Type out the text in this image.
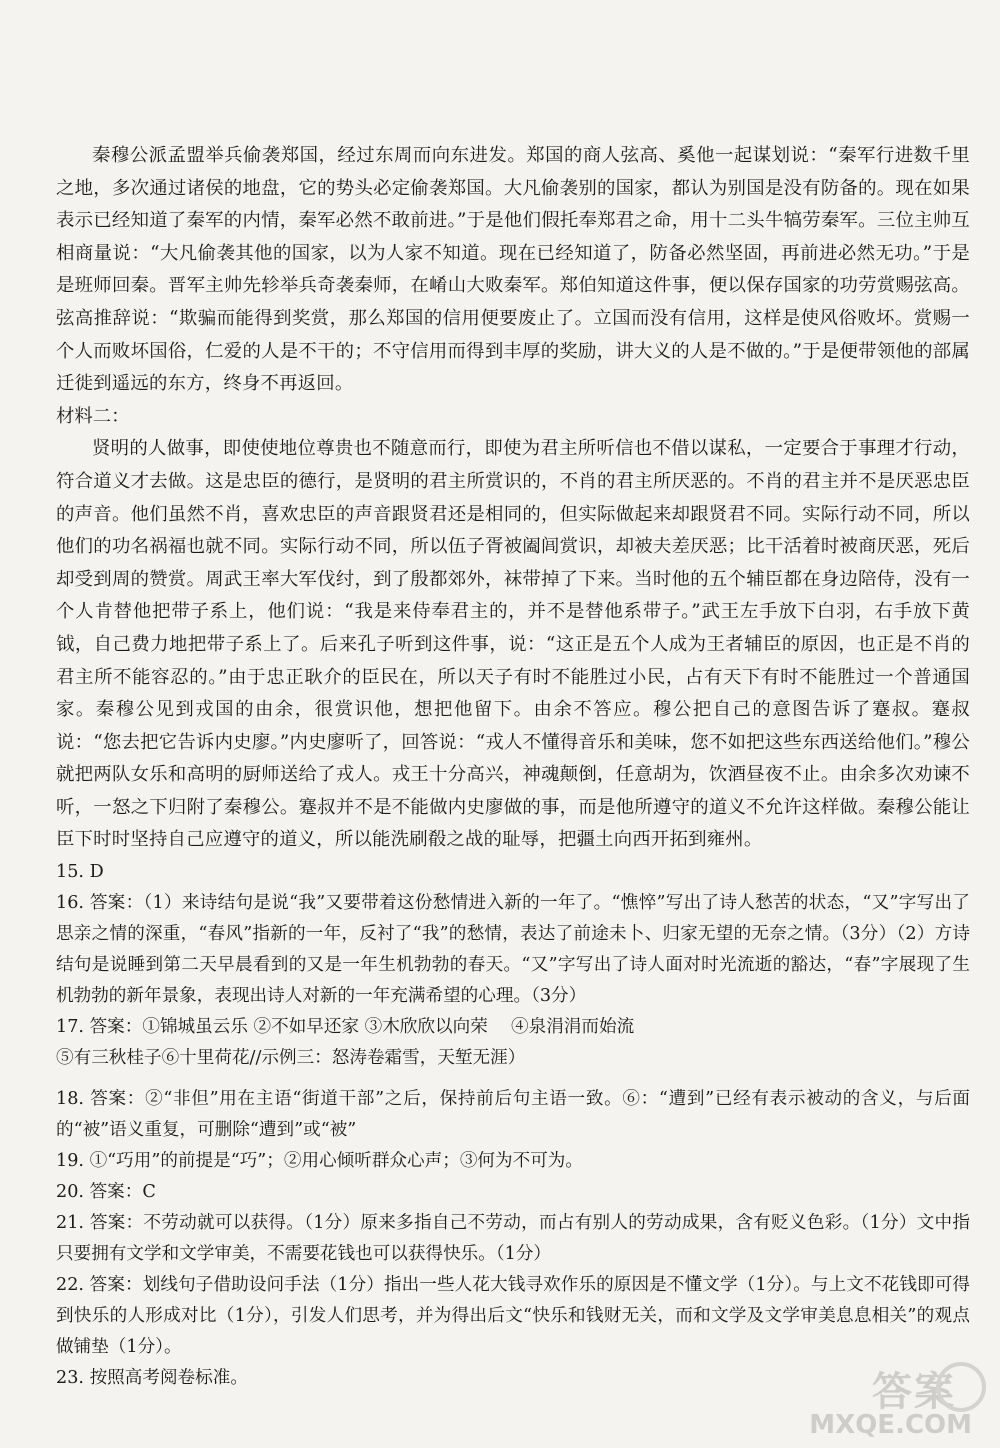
秦穆公派孟盟举兵偷袭郑国，经过东周而向东进发。郑国的商人弦高、奚他一起谋划说：“秦军行进数千里之地，多次通过诸侯的地盘，它的势头必定偷袭郑国。大凡偷袭别的国家，都认为别国是没有防备的。现在如果表示已经知道了秦军的内情，秦军必然不敢前进。”于是他们假托奉郑君之命，用十二头牛犒劳秦军。三位主帅互相商量说：“大凡偷袭其他的国家，以为人家不知道。现在已经知道了，防备必然坚固，再前进必然无功。”于是是班师回秦。晋军主帅先轸举兵奇袭秦师，在崤山大败秦军。郑伯知道这件事，便以保存国家的功劳赏赐弦高。弦高推辞说：“欺骗而能得到奖赏，那么郑国的信用便要废止了。立国而没有信用，这样是使风俗败坏。赏赐一个人而败坏国俗，仁爱的人是不干的；不守信用而得到丰厚的奖励，讲大义的人是不做的。”于是便带领他的部属迁徙到遥远的东方，终身不再返回。

材料二：

贤明的人做事，即使使地位尊贵也不随意而行，即使为君主所听信也不借以谋私，一定要合于事理才行动，符合道义才去做。这是忠臣的德行，是贤明的君主所赏识的，不肖的君主所厌恶的。不肖的君主并不是厌恶忠臣的声音。他们虽然不肖，喜欢忠臣的声音跟贤君还是相同的，但实际做起来却跟贤君不同。实际行动不同，所以他们的功名祸福也就不同。实际行动不同，所以伍子胥被阖闾赏识，却被夫差厌恶；比干活着时被商厌恶，死后却受到周的赞赏。周武王率大军伐纣，到了殷都郊外，袜带掉了下来。当时他的五个辅臣都在身边陪侍，没有一个人肯替他把带子系上，他们说：“我是来侍奉君主的，并不是替他系带子。”武王左手放下白羽，右手放下黄钺，自己费力地把带子系上了。后来孔子听到这件事，说：“这正是五个人成为王者辅臣的原因，也正是不肖的君主所不能容忍的。”由于忠正耿介的臣民在，所以天子有时不能胜过小民，占有天下有时不能胜过一个普通国家。秦穆公见到戎国的由余，很赏识他，想把他留下。由余不答应。穆公把自己的意图告诉了蹇叔。蹇叔说：“您去把它告诉内史廖。”内史廖听了，回答说：“戎人不懂得音乐和美味，您不如把这些东西送给他们。”穆公就把两队女乐和高明的厨师送给了戎人。戎王十分高兴，神魂颠倒，任意胡为，饮酒昼夜不止。由余多次劝谏不听，一怒之下归附了秦穆公。蹇叔并不是不能做内史廖做的事，而是他所遵守的道义不允许这样做。秦穆公能让臣下时时坚持自己应遵守的道义，所以能洗刷殽之战的耻辱，把疆土向西开拓到雍州。

15. D

16. 答案：（1）来诗结句是说“我”又要带着这份愁情进入新的一年了。“憔悴”写出了诗人愁苦的状态，“又”字写出了思亲之情的深重，“春风”指新的一年，反衬了“我”的愁情，表达了前途未卜、归家无望的无奈之情。（3分）（2）方诗结句是说睡到第二天早晨看到的又是一年生机勃勃的春天。“又”字写出了诗人面对时光流逝的豁达，“春”字展现了生机勃勃的新年景象，表现出诗人对新的一年充满希望的心理。（3分）

17. 答案：①锦城虽云乐 ②不如早还家 ③木欣欣以向荣　 ④泉涓涓而始流

⑤有三秋桂子⑥十里荷花//示例三：怒涛卷霜雪，天堑无涯）

18. 答案：②“非但”用在主语“街道干部”之后，保持前后句主语一致。⑥：“遭到”已经有表示被动的含义，与后面的“被”语义重复，可删除“遭到”或“被”

19. ①“巧用”的前提是“巧”；②用心倾听群众心声；③何为不可为。

20. 答案：C

21. 答案：不劳动就可以获得。（1分）原来多指自己不劳动，而占有别人的劳动成果，含有贬义色彩。（1分）文中指只要拥有文学和文学审美，不需要花钱也可以获得快乐。（1分）

22. 答案：划线句子借助设问手法（1分）指出一些人花大钱寻欢作乐的原因是不懂文学（1分）。与上文不花钱即可得到快乐的人形成对比（1分），引发人们思考，并为得出后文“快乐和钱财无关，而和文学及文学审美息息相关”的观点做铺垫（1分）。

23. 按照高考阅卷标准。	答案
MXQE.COM
